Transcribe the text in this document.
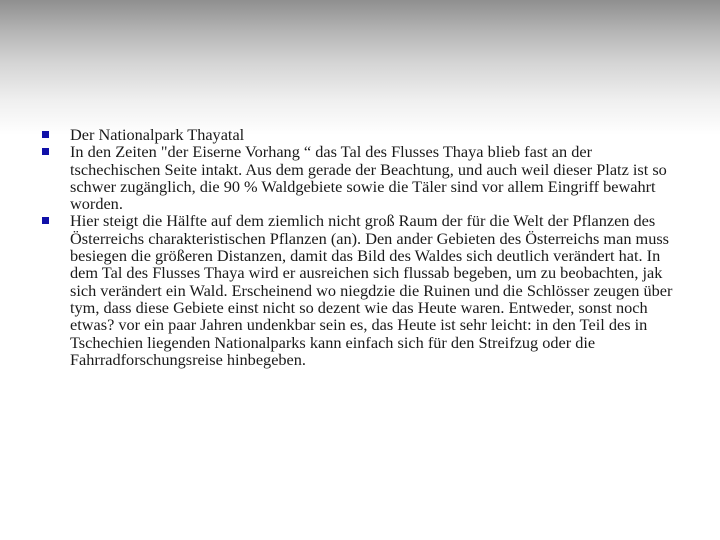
Der Nationalpark Thayatal
In den Zeiten "der Eiserne Vorhang “ das Tal des Flusses Thaya blieb fast an der tschechischen Seite intakt. Aus dem gerade der Beachtung, und auch weil dieser Platz ist so schwer zugänglich, die 90 % Waldgebiete sowie die Täler sind vor allem Eingriff bewahrt worden.
Hier steigt die Hälfte auf dem ziemlich nicht groß Raum der für die Welt der Pflanzen des Österreichs charakteristischen Pflanzen (an). Den ander Gebieten des Österreichs man muss besiegen die größeren Distanzen, damit das Bild des Waldes sich deutlich verändert hat. In dem Tal des Flusses Thaya wird er ausreichen sich flussab begeben, um zu beobachten, jak sich verändert ein Wald. Erscheinend wo niegdzie die Ruinen und die Schlösser zeugen über tym, dass diese Gebiete einst nicht so dezent wie das Heute waren. Entweder, sonst noch etwas? vor ein paar Jahren undenkbar sein es, das Heute ist sehr leicht: in den Teil des in Tschechien liegenden Nationalparks kann einfach sich für den Streifzug oder die Fahrradforschungsreise hinbegeben.
